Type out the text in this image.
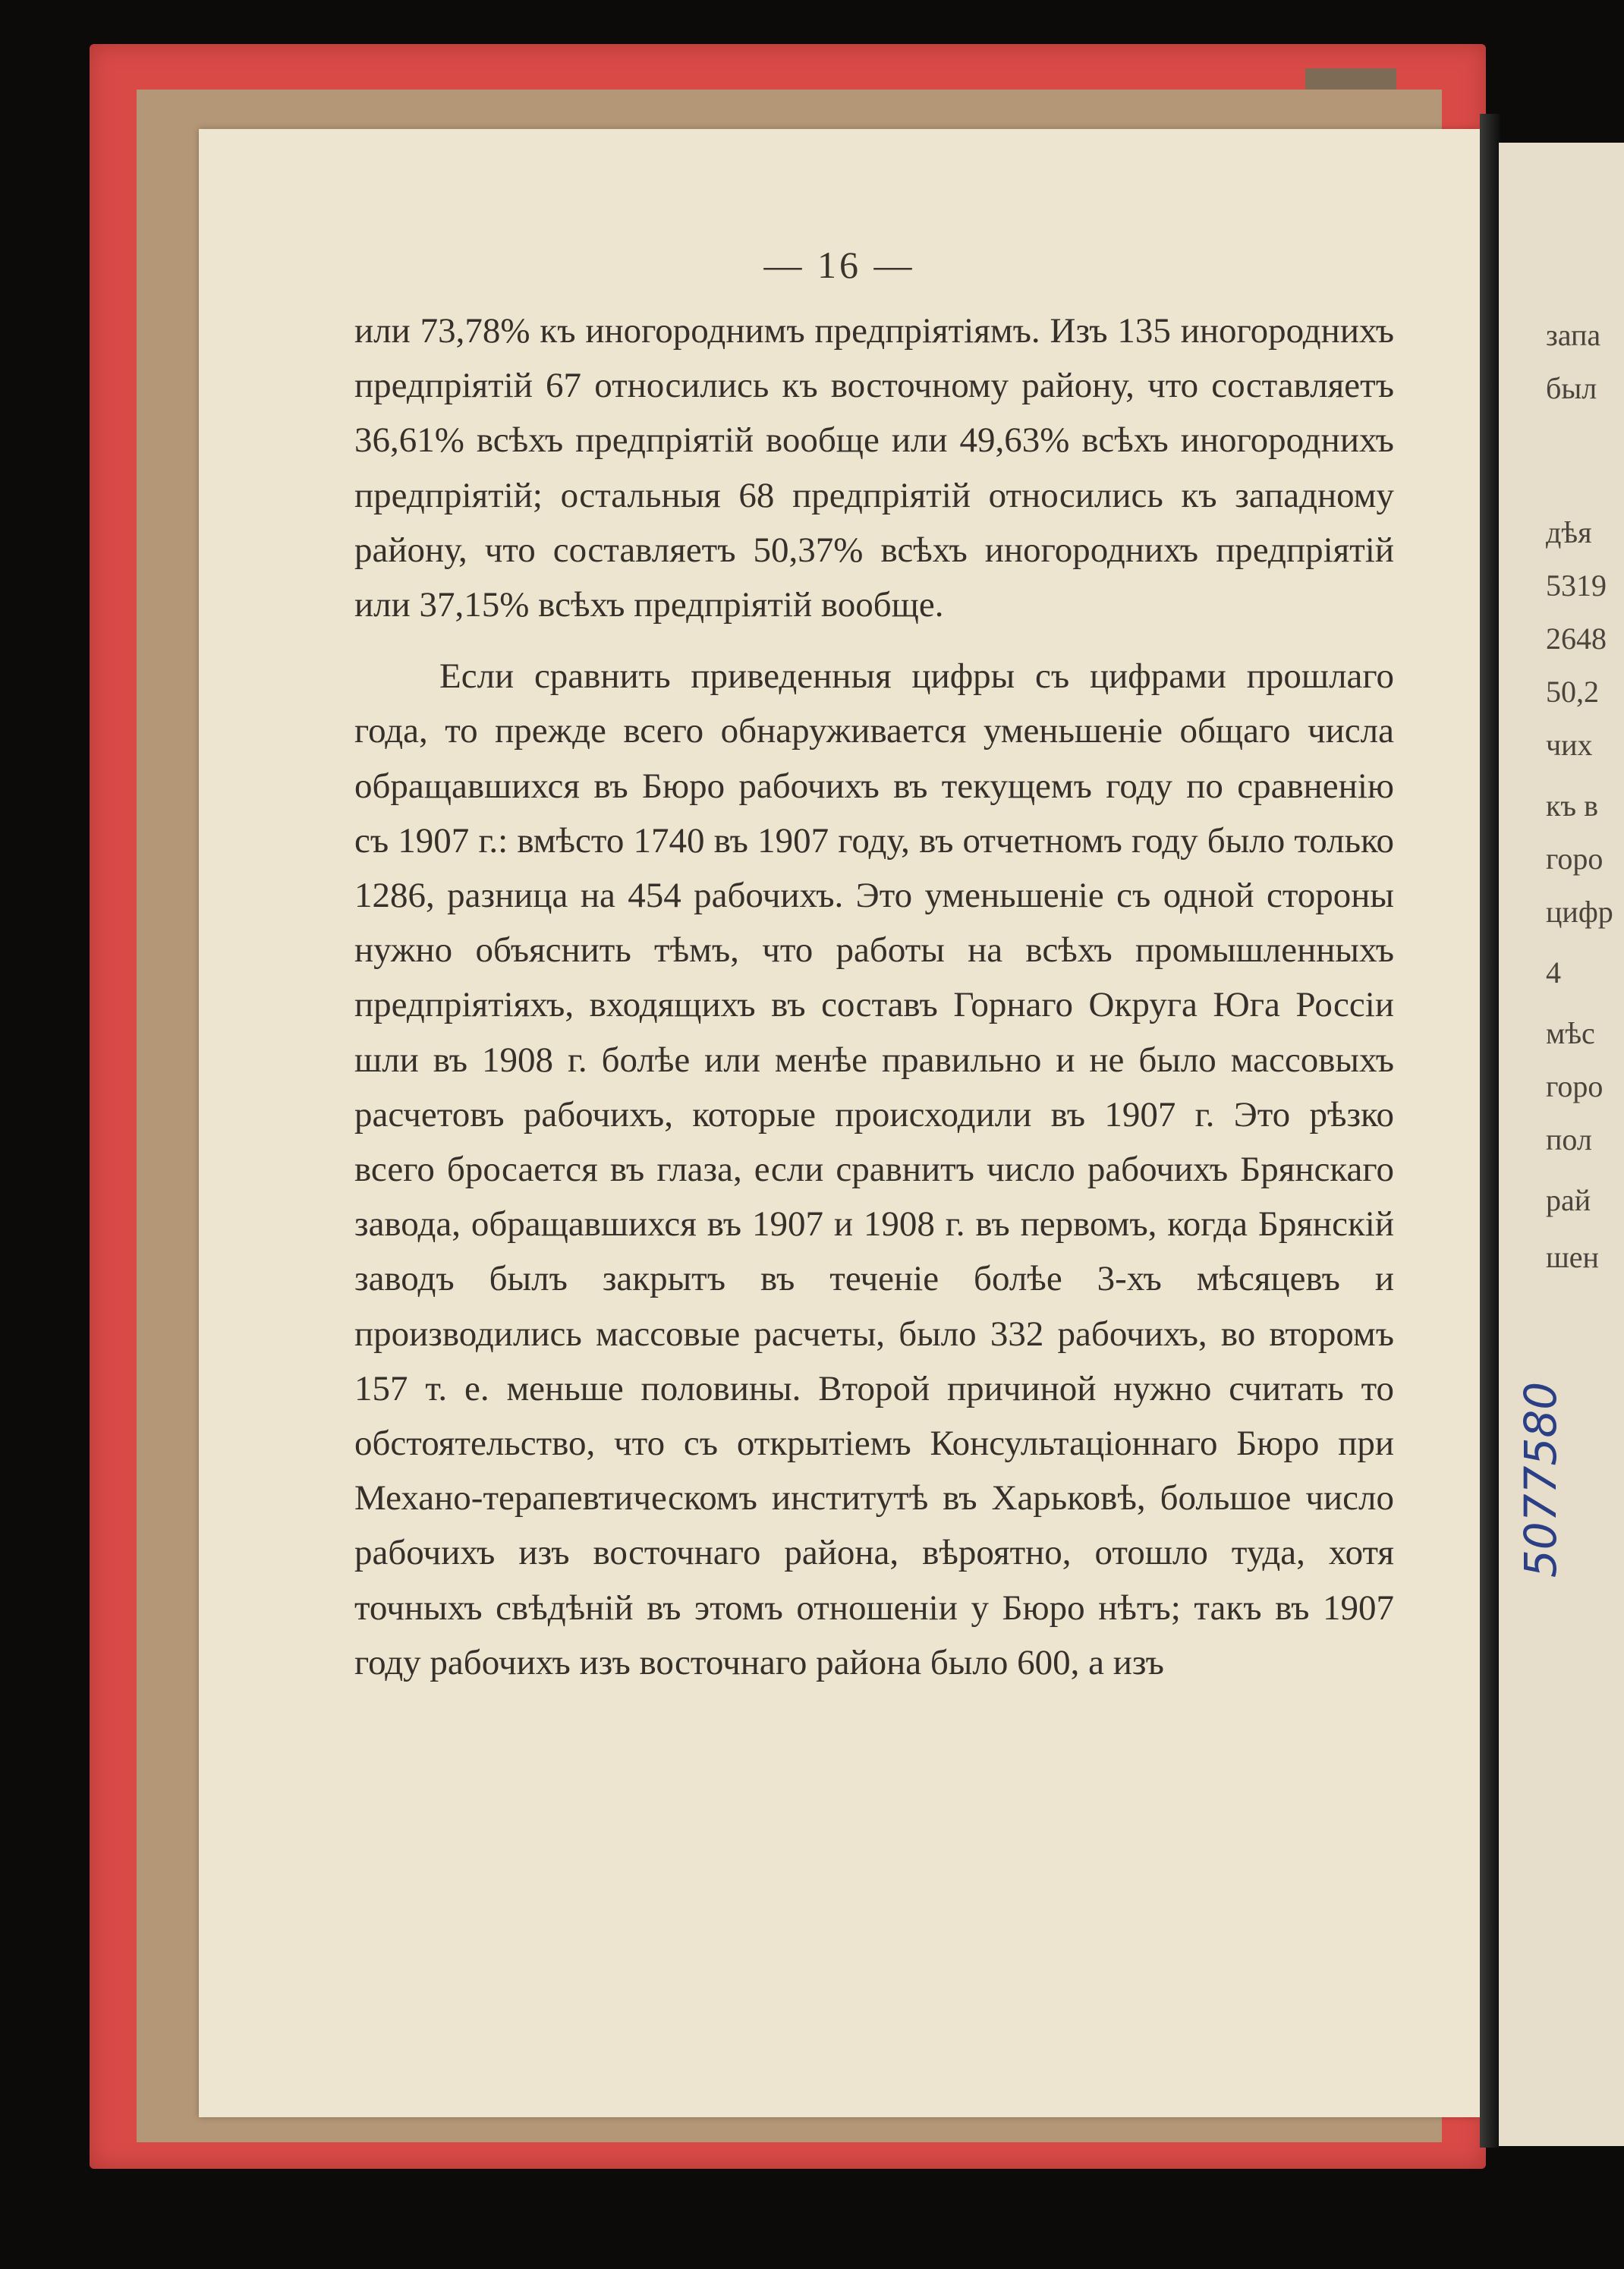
— 16 —

или 73,78% къ иногороднимъ предпріятіямъ. Изъ 135 иногороднихъ предпріятій 67 относились къ восточному району, что составляетъ 36,61% всѣхъ предпріятій вообще или 49,63% всѣхъ иногороднихъ предпріятій; остальныя 68 предпріятій относились къ западному району, что составляетъ 50,37% всѣхъ иногороднихъ предпріятій или 37,15% всѣхъ предпріятій вообще.

Если сравнить приведенныя цифры съ цифрами прошлаго года, то прежде всего обнаруживается уменьшеніе общаго числа обращавшихся въ Бюро рабочихъ въ текущемъ году по сравненію съ 1907 г.: вмѣсто 1740 въ 1907 году, въ отчетномъ году было только 1286, разница на 454 рабочихъ. Это уменьшеніе съ одной стороны нужно объяснить тѣмъ, что работы на всѣхъ промышленныхъ предпріятіяхъ, входящихъ въ составъ Горнаго Округа Юга Россіи шли въ 1908 г. болѣе или менѣе правильно и не было массовыхъ расчетовъ рабочихъ, которые происходили въ 1907 г. Это рѣзко всего бросается въ глаза, если сравнитъ число рабочихъ Брянскаго завода, обращавшихся въ 1907 и 1908 г. въ первомъ, когда Брянскій заводъ былъ закрытъ въ теченіе болѣе 3-хъ мѣсяцевъ и производились массовые расчеты, было 332 рабочихъ, во второмъ 157 т. е. меньше половины. Второй причиной нужно считать то обстоятельство, что съ открытіемъ Консультаціоннаго Бюро при Механо-терапевтическомъ институтѣ въ Харьковѣ, большое число рабочихъ изъ восточнаго района, вѣроятно, отошло туда, хотя точныхъ свѣдѣній въ этомъ отношеніи у Бюро нѣтъ; такъ въ 1907 году рабочихъ изъ восточнаго района было 600, а изъ

запа
был
дѣя
5319
2648
50,2
чих
къ в
горо
цифр
4
мѣс
горо
пол
рай
шен
5077580
